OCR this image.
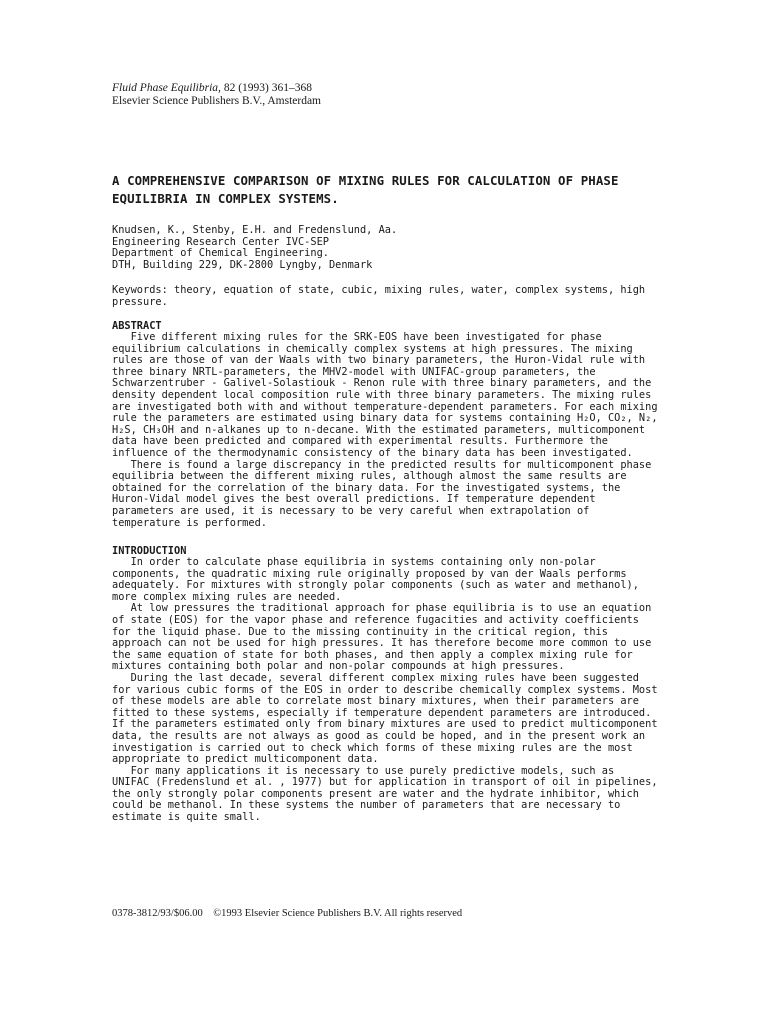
Fluid Phase Equilibria, 82 (1993) 361–368
Elsevier Science Publishers B.V., Amsterdam
A COMPREHENSIVE COMPARISON OF MIXING RULES FOR CALCULATION OF PHASE
EQUILIBRIA IN COMPLEX SYSTEMS.
Knudsen, K., Stenby, E.H. and Fredenslund, Aa.
Engineering Research Center IVC-SEP
Department of Chemical Engineering.
DTH, Building 229, DK-2800 Lyngby, Denmark
Keywords: theory, equation of state, cubic, mixing rules, water, complex systems, high
pressure.
ABSTRACT
Five different mixing rules for the SRK-EOS have been investigated for phase
equilibrium calculations in chemically complex systems at high pressures. The mixing
rules are those of van der Waals with two binary parameters, the Huron-Vidal rule with
three binary NRTL-parameters, the MHV2-model with UNIFAC-group parameters, the
Schwarzentruber - Galivel-Solastiouk - Renon rule with three binary parameters, and the
density dependent local composition rule with three binary parameters. The mixing rules
are investigated both with and without temperature-dependent parameters. For each mixing
rule the parameters are estimated using binary data for systems containing H₂O, CO₂, N₂,
H₂S, CH₃OH and n-alkanes up to n-decane. With the estimated parameters, multicomponent
data have been predicted and compared with experimental results. Furthermore the
influence of the thermodynamic consistency of the binary data has been investigated.
There is found a large discrepancy in the predicted results for multicomponent phase
equilibria between the different mixing rules, although almost the same results are
obtained for the correlation of the binary data. For the investigated systems, the
Huron-Vidal model gives the best overall predictions. If temperature dependent
parameters are used, it is necessary to be very careful when extrapolation of
temperature is performed.
INTRODUCTION
In order to calculate phase equilibria in systems containing only non-polar
components, the quadratic mixing rule originally proposed by van der Waals performs
adequately. For mixtures with strongly polar components (such as water and methanol),
more complex mixing rules are needed.
At low pressures the traditional approach for phase equilibria is to use an equation
of state (EOS) for the vapor phase and reference fugacities and activity coefficients
for the liquid phase. Due to the missing continuity in the critical region, this
approach can not be used for high pressures. It has therefore become more common to use
the same equation of state for both phases, and then apply a complex mixing rule for
mixtures containing both polar and non-polar compounds at high pressures.
During the last decade, several different complex mixing rules have been suggested
for various cubic forms of the EOS in order to describe chemically complex systems. Most
of these models are able to correlate most binary mixtures, when their parameters are
fitted to these systems, especially if temperature dependent parameters are introduced.
If the parameters estimated only from binary mixtures are used to predict multicomponent
data, the results are not always as good as could be hoped, and in the present work an
investigation is carried out to check which forms of these mixing rules are the most
appropriate to predict multicomponent data.
For many applications it is necessary to use purely predictive models, such as
UNIFAC (Fredenslund et al. , 1977) but for application in transport of oil in pipelines,
the only strongly polar components present are water and the hydrate inhibitor, which
could be methanol. In these systems the number of parameters that are necessary to
estimate is quite small.
0378-3812/93/$06.00    ©1993 Elsevier Science Publishers B.V. All rights reserved
